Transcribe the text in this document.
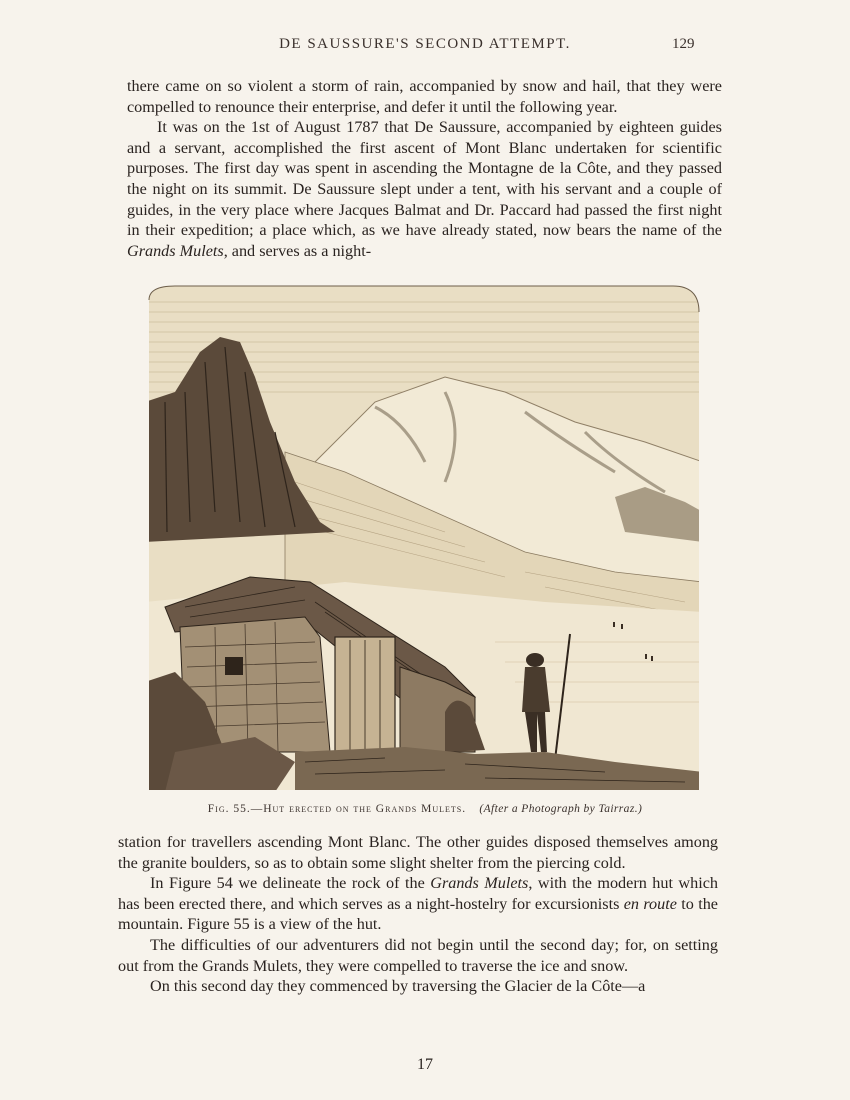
DE SAUSSURE'S SECOND ATTEMPT.	129

there came on so violent a storm of rain, accompanied by snow and hail, that they were compelled to renounce their enterprise, and defer it until the following year.

It was on the 1st of August 1787 that De Saussure, accompanied by eighteen guides and a servant, accomplished the first ascent of Mont Blanc undertaken for scientific purposes. The first day was spent in ascending the Montagne de la Côte, and they passed the night on its summit. De Saussure slept under a tent, with his servant and a couple of guides, in the very place where Jacques Balmat and Dr. Paccard had passed the first night in their expedition; a place which, as we have already stated, now bears the name of the Grands Mulets, and serves as a night-

Fig. 55.—Hut erected on the Grands Mulets. (After a Photograph by Tairraz.)

station for travellers ascending Mont Blanc. The other guides disposed themselves among the granite boulders, so as to obtain some slight shelter from the piercing cold.

In Figure 54 we delineate the rock of the Grands Mulets, with the modern hut which has been erected there, and which serves as a night-hostelry for excursionists en route to the mountain. Figure 55 is a view of the hut.

The difficulties of our adventurers did not begin until the second day; for, on setting out from the Grands Mulets, they were compelled to traverse the ice and snow.

On this second day they commenced by traversing the Glacier de la Côte—a

17
